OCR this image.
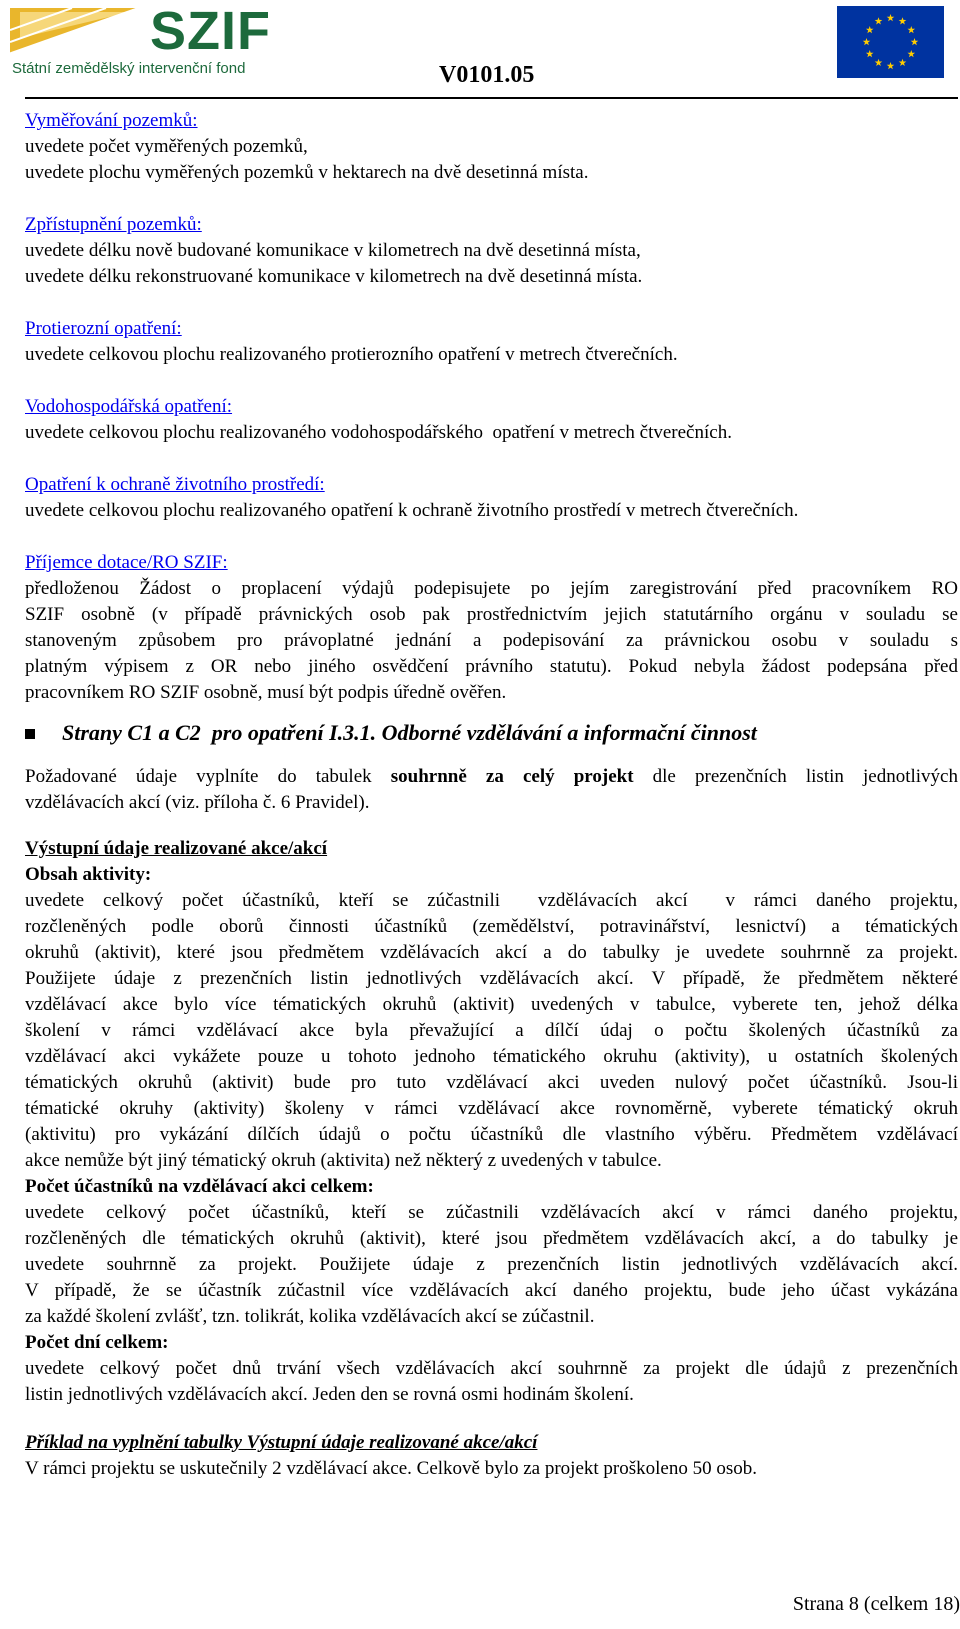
SZIF
Státní zemědělský intervenční fond	V0101.05
Vyměřování pozemků:

uvedete počet vyměřených pozemků,

uvedete plochu vyměřených pozemků v hektarech na dvě desetinná místa.

Zpřístupnění pozemků:

uvedete délku nově budované komunikace v kilometrech na dvě desetinná místa,

uvedete délku rekonstruované komunikace v kilometrech na dvě desetinná místa.

Protierozní opatření:

uvedete celkovou plochu realizovaného protierozního opatření v metrech čtverečních.

Vodohospodářská opatření:

uvedete celkovou plochu realizovaného vodohospodářského  opatření v metrech čtverečních.

Opatření k ochraně životního prostředí:

uvedete celkovou plochu realizovaného opatření k ochraně životního prostředí v metrech čtverečních.

Příjemce dotace/RO SZIF:

předloženou Žádost o proplacení výdajů podepisujete po jejím zaregistrování před pracovníkem RO

SZIF osobně (v případě právnických osob pak prostřednictvím jejich statutárního orgánu v souladu se

stanoveným způsobem pro právoplatné jednání a podepisování za právnickou osobu v souladu s

platným výpisem z OR nebo jiného osvědčení právního statutu). Pokud nebyla žádost podepsána před

pracovníkem RO SZIF osobně, musí být podpis úředně ověřen.

Strany C1 a C2  pro opatření I.3.1. Odborné vzdělávání a informační činnost

Požadované údaje vyplníte do tabulek souhrnně za celý projekt dle prezenčních listin jednotlivých

vzdělávacích akcí (viz. příloha č. 6 Pravidel).

Výstupní údaje realizované akce/akcí

Obsah aktivity:

uvedete celkový počet účastníků, kteří se zúčastnili  vzdělávacích akcí  v rámci daného projektu,

rozčleněných podle oborů činnosti účastníků (zemědělství, potravinářství, lesnictví) a tématických

okruhů (aktivit), které jsou předmětem vzdělávacích akcí a do tabulky je uvedete souhrnně za projekt.

Použijete údaje z prezenčních listin jednotlivých vzdělávacích akcí. V případě, že předmětem některé

vzdělávací akce bylo více tématických okruhů (aktivit) uvedených v tabulce, vyberete ten, jehož délka

školení v rámci vzdělávací akce byla převažující a dílčí údaj o počtu školených účastníků za

vzdělávací akci vykážete pouze u tohoto jednoho tématického okruhu (aktivity), u ostatních školených

tématických okruhů (aktivit) bude pro tuto vzdělávací akci uveden nulový počet účastníků. Jsou-li

tématické okruhy (aktivity) školeny v rámci vzdělávací akce rovnoměrně, vyberete tématický okruh

(aktivitu) pro vykázání dílčích údajů o počtu účastníků dle vlastního výběru. Předmětem vzdělávací

akce nemůže být jiný tématický okruh (aktivita) než některý z uvedených v tabulce.

Počet účastníků na vzdělávací akci celkem:

uvedete celkový počet účastníků, kteří se zúčastnili vzdělávacích akcí v rámci daného projektu,

rozčleněných dle tématických okruhů (aktivit), které jsou předmětem vzdělávacích akcí, a do tabulky je

uvedete souhrnně za projekt. Použijete údaje z prezenčních listin jednotlivých vzdělávacích akcí.

V případě, že se účastník zúčastnil více vzdělávacích akcí daného projektu, bude jeho účast vykázána

za každé školení zvlášť, tzn. tolikrát, kolika vzdělávacích akcí se zúčastnil.

Počet dní celkem:

uvedete celkový počet dnů trvání všech vzdělávacích akcí souhrnně za projekt dle údajů z prezenčních

listin jednotlivých vzdělávacích akcí. Jeden den se rovná osmi hodinám školení.

Příklad na vyplnění tabulky Výstupní údaje realizované akce/akcí

V rámci projektu se uskutečnily 2 vzdělávací akce. Celkově bylo za projekt proškoleno 50 osob.

Strana 8 (celkem 18)
